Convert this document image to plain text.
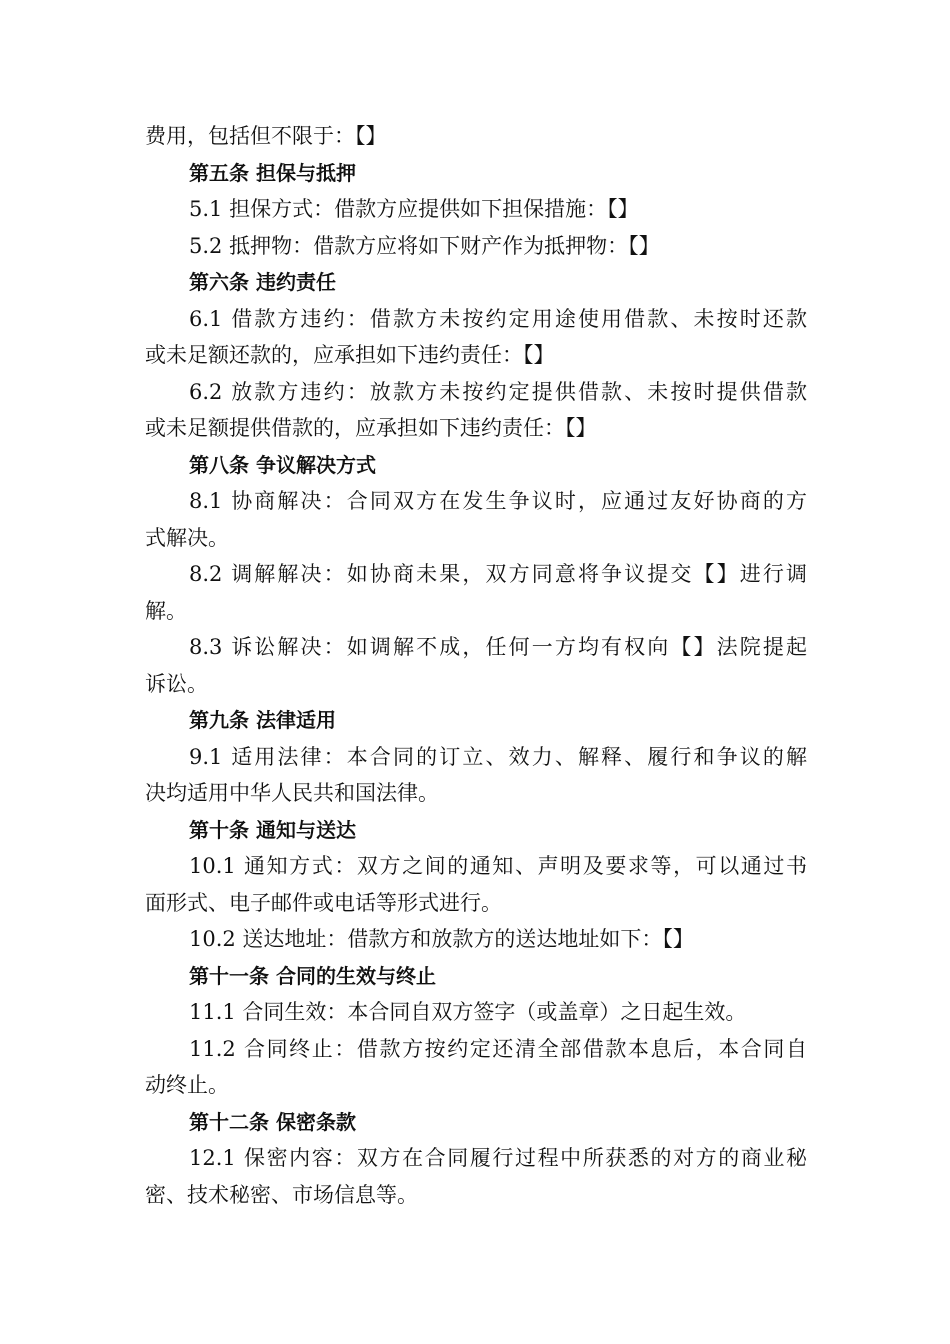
费用，包括但不限于：【】
第五条 担保与抵押
5.1 担保方式：借款方应提供如下担保措施：【】
5.2 抵押物：借款方应将如下财产作为抵押物：【】
第六条 违约责任
6.1 借款方违约：借款方未按约定用途使用借款、未按时还款
或未足额还款的，应承担如下违约责任：【】
6.2 放款方违约：放款方未按约定提供借款、未按时提供借款
或未足额提供借款的，应承担如下违约责任：【】
第八条 争议解决方式
8.1 协商解决：合同双方在发生争议时，应通过友好协商的方
式解决。
8.2 调解解决：如协商未果，双方同意将争议提交【】进行调
解。
8.3 诉讼解决：如调解不成，任何一方均有权向【】法院提起
诉讼。
第九条 法律适用
9.1 适用法律：本合同的订立、效力、解释、履行和争议的解
决均适用中华人民共和国法律。
第十条 通知与送达
10.1 通知方式：双方之间的通知、声明及要求等，可以通过书
面形式、电子邮件或电话等形式进行。
10.2 送达地址：借款方和放款方的送达地址如下：【】
第十一条 合同的生效与终止
11.1 合同生效：本合同自双方签字（或盖章）之日起生效。
11.2 合同终止：借款方按约定还清全部借款本息后，本合同自
动终止。
第十二条 保密条款
12.1 保密内容：双方在合同履行过程中所获悉的对方的商业秘
密、技术秘密、市场信息等。
